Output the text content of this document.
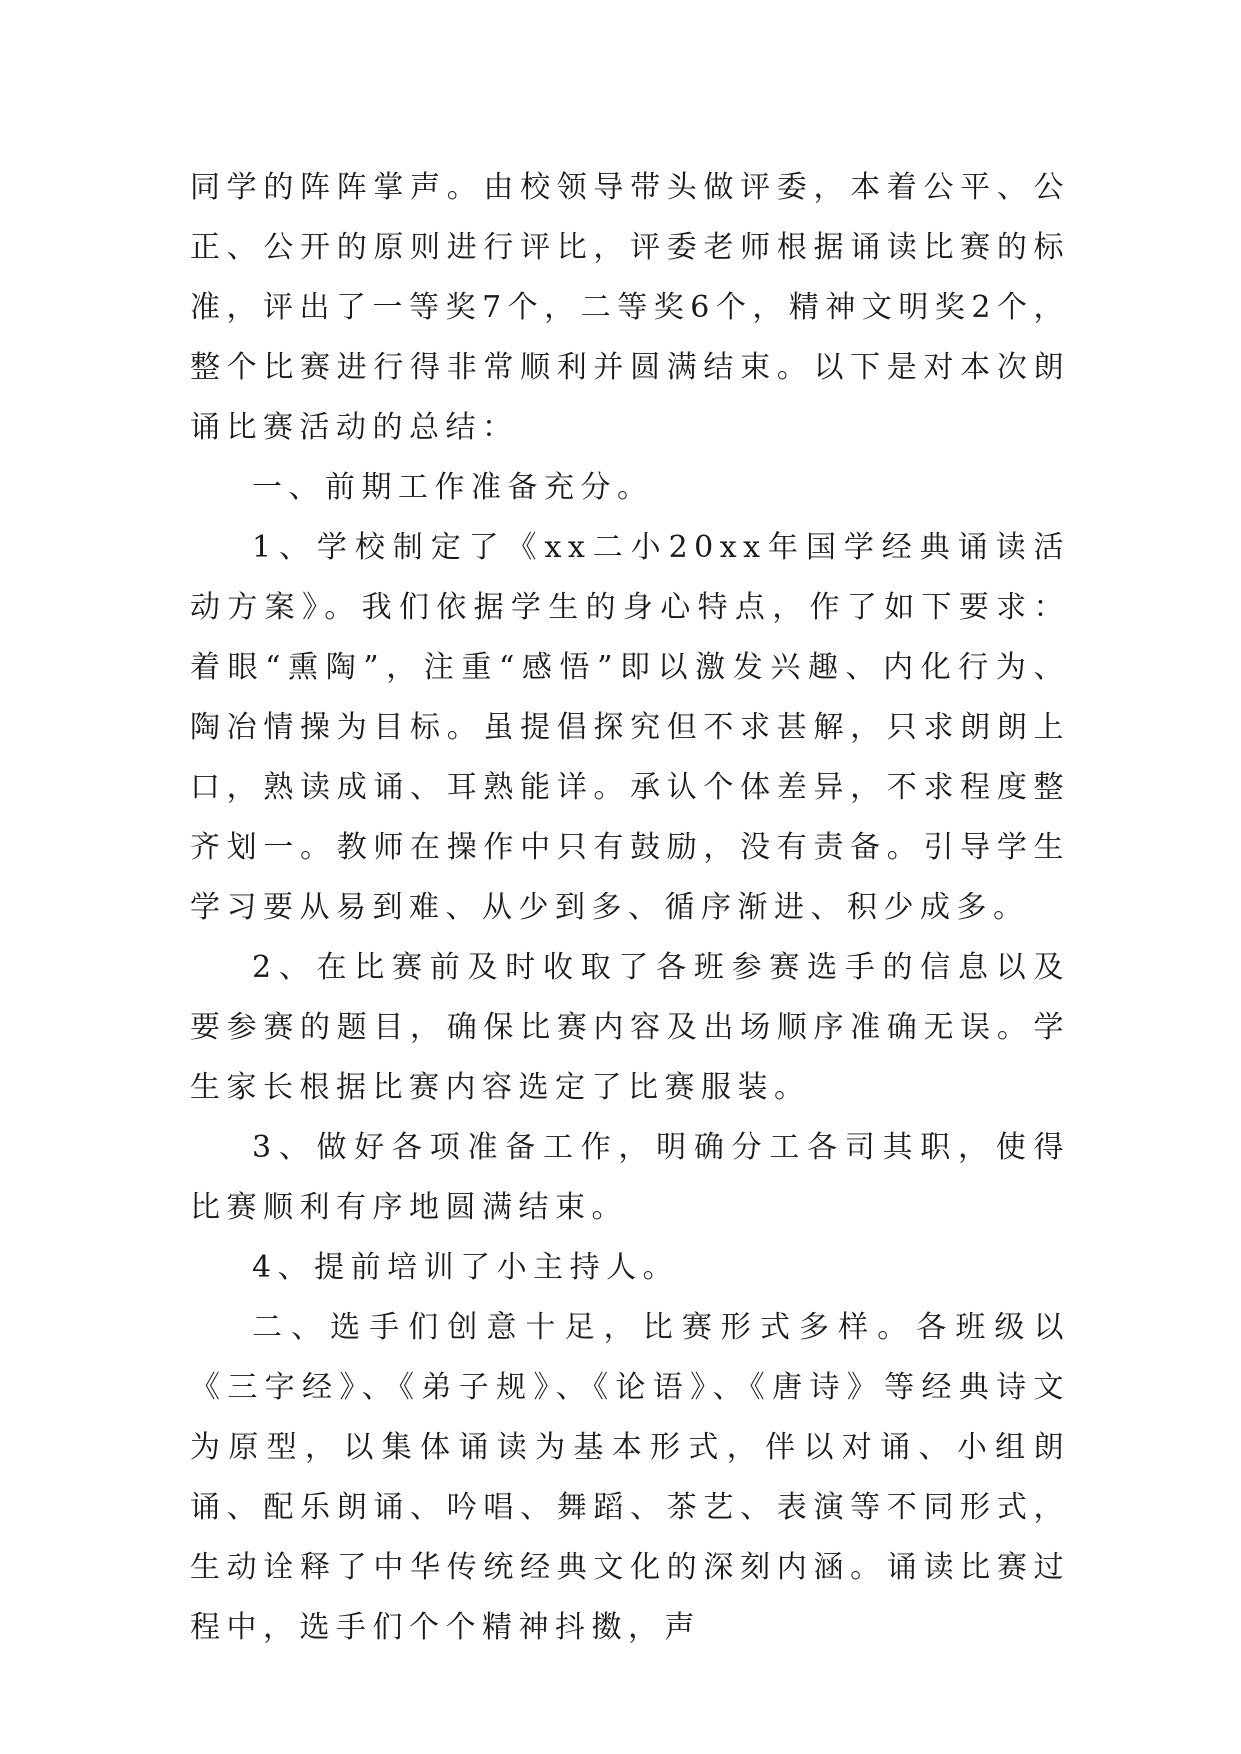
同学的阵阵掌声。由校领导带头做评委，本着公平、公正、公开的原则进行评比，评委老师根据诵读比赛的标准，评出了一等奖7个，二等奖6个，精神文明奖2个，整个比赛进行得非常顺利并圆满结束。以下是对本次朗诵比赛活动的总结：

一、前期工作准备充分。

1、学校制定了《xx二小20xx年国学经典诵读活动方案》。我们依据学生的身心特点，作了如下要求：着眼“熏陶”，注重“感悟”即以激发兴趣、内化行为、陶冶情操为目标。虽提倡探究但不求甚解，只求朗朗上口，熟读成诵、耳熟能详。承认个体差异，不求程度整齐划一。教师在操作中只有鼓励，没有责备。引导学生学习要从易到难、从少到多、循序渐进、积少成多。

2、在比赛前及时收取了各班参赛选手的信息以及要参赛的题目，确保比赛内容及出场顺序准确无误。学生家长根据比赛内容选定了比赛服装。

3、做好各项准备工作，明确分工各司其职，使得比赛顺利有序地圆满结束。

4、提前培训了小主持人。

二、选手们创意十足，比赛形式多样。各班级以《三字经》、《弟子规》、《论语》、《唐诗》等经典诗文为原型，以集体诵读为基本形式，伴以对诵、小组朗诵、配乐朗诵、吟唱、舞蹈、茶艺、表演等不同形式，生动诠释了中华传统经典文化的深刻内涵。诵读比赛过程中，选手们个个精神抖擞，声
